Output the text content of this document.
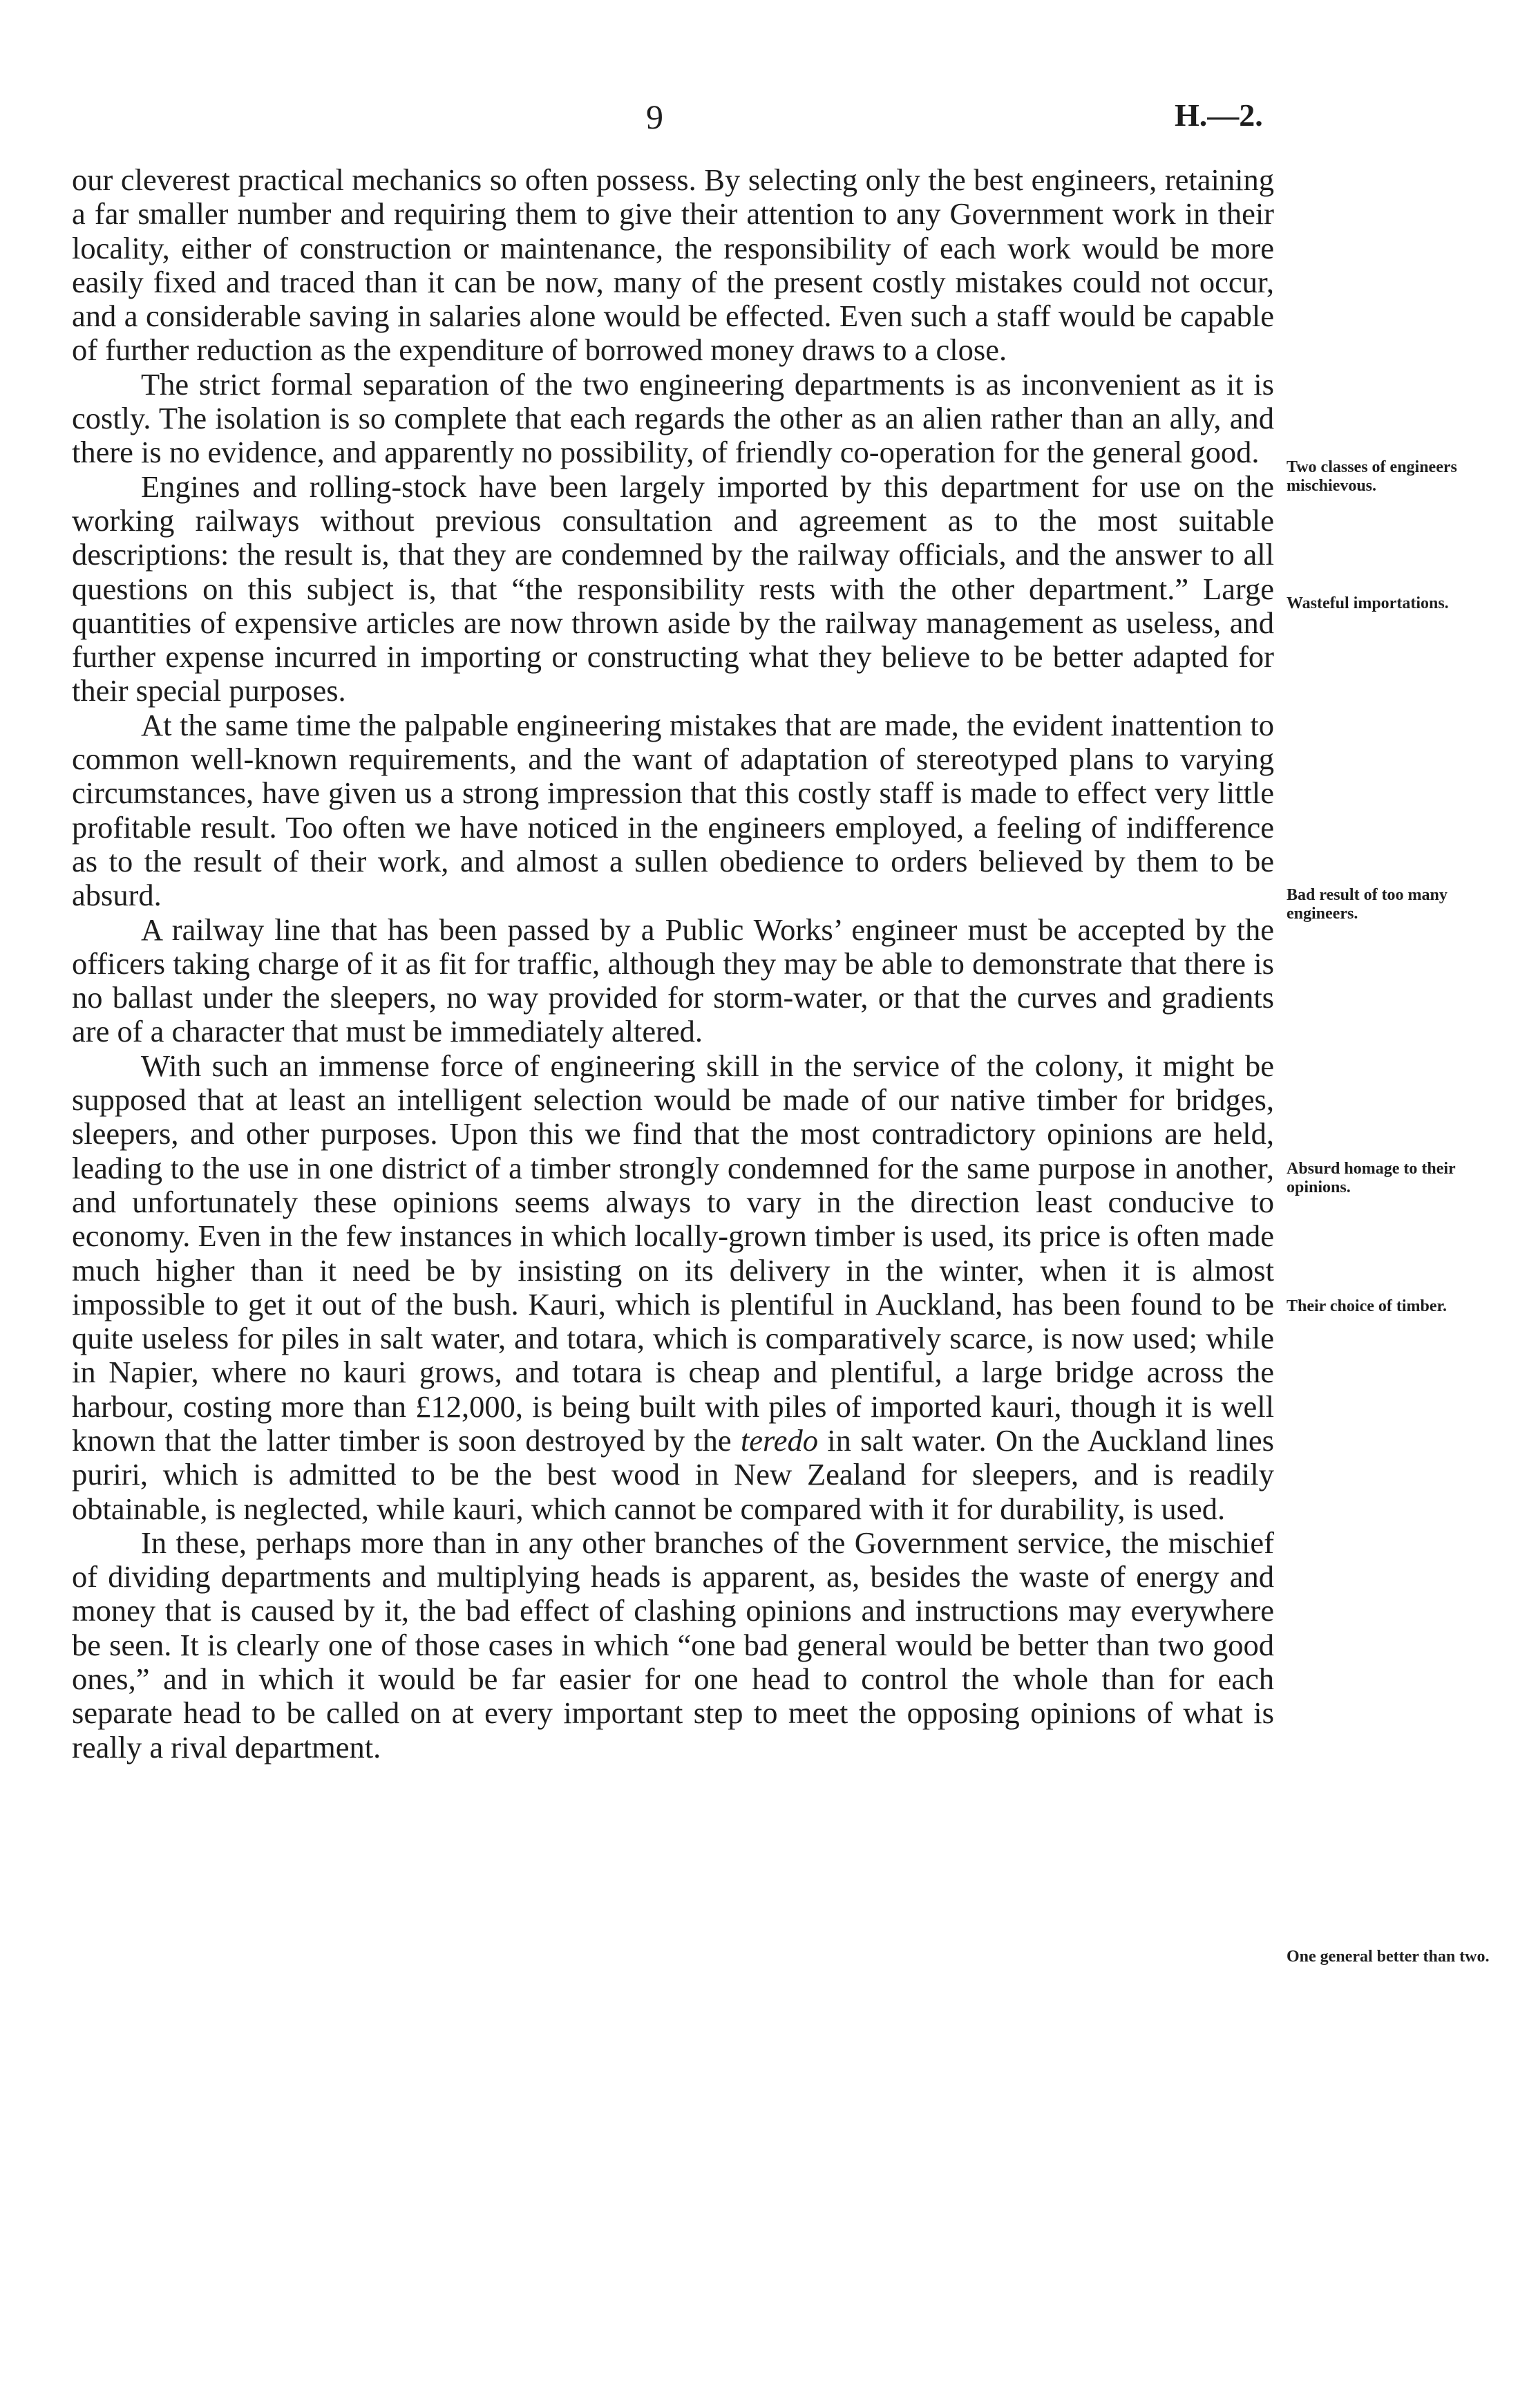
9	H.—2.

our cleverest practical mechanics so often possess. By selecting only the best engineers, retaining a far smaller number and requiring them to give their attention to any Government work in their locality, either of construction or maintenance, the responsibility of each work would be more easily fixed and traced than it can be now, many of the present costly mistakes could not occur, and a considerable saving in salaries alone would be effected. Even such a staff would be capable of further reduction as the expenditure of borrowed money draws to a close.

The strict formal separation of the two engineering departments is as inconvenient as it is costly. The isolation is so complete that each regards the other as an alien rather than an ally, and there is no evidence, and apparently no possibility, of friendly co-operation for the general good.

Engines and rolling-stock have been largely imported by this department for use on the working railways without previous consultation and agreement as to the most suitable descriptions: the result is, that they are condemned by the railway officials, and the answer to all questions on this subject is, that “the responsibility rests with the other department.” Large quantities of expensive articles are now thrown aside by the railway management as useless, and further expense incurred in importing or constructing what they believe to be better adapted for their special purposes.

At the same time the palpable engineering mistakes that are made, the evident inattention to common well-known requirements, and the want of adaptation of stereotyped plans to varying circumstances, have given us a strong impression that this costly staff is made to effect very little profitable result. Too often we have noticed in the engineers employed, a feeling of indifference as to the result of their work, and almost a sullen obedience to orders believed by them to be absurd.

A railway line that has been passed by a Public Works’ engineer must be accepted by the officers taking charge of it as fit for traffic, although they may be able to demonstrate that there is no ballast under the sleepers, no way provided for storm-water, or that the curves and gradients are of a character that must be immediately altered.

With such an immense force of engineering skill in the service of the colony, it might be supposed that at least an intelligent selection would be made of our native timber for bridges, sleepers, and other purposes. Upon this we find that the most contradictory opinions are held, leading to the use in one district of a timber strongly condemned for the same purpose in another, and unfortunately these opinions seems always to vary in the direction least conducive to economy. Even in the few instances in which locally-grown timber is used, its price is often made much higher than it need be by insisting on its delivery in the winter, when it is almost impossible to get it out of the bush. Kauri, which is plentiful in Auckland, has been found to be quite useless for piles in salt water, and totara, which is comparatively scarce, is now used; while in Napier, where no kauri grows, and totara is cheap and plentiful, a large bridge across the harbour, costing more than £12,000, is being built with piles of imported kauri, though it is well known that the latter timber is soon destroyed by the teredo in salt water. On the Auckland lines puriri, which is admitted to be the best wood in New Zealand for sleepers, and is readily obtainable, is neglected, while kauri, which cannot be compared with it for durability, is used.

In these, perhaps more than in any other branches of the Government service, the mischief of dividing departments and multiplying heads is apparent, as, besides the waste of energy and money that is caused by it, the bad effect of clashing opinions and instructions may everywhere be seen. It is clearly one of those cases in which “one bad general would be better than two good ones,” and in which it would be far easier for one head to control the whole than for each separate head to be called on at every important step to meet the opposing opinions of what is really a rival department.

Two classes of engineers mischievous.
Wasteful importations.
Bad result of too many engineers.
Absurd homage to their opinions.
Their choice of timber.
One general better than two.
